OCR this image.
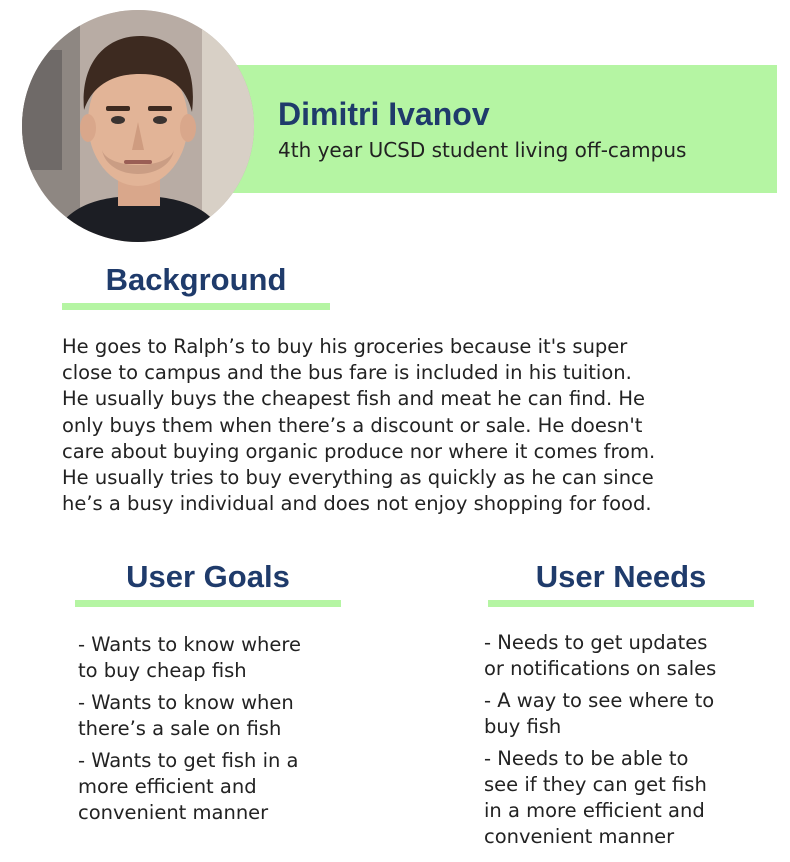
Dimitri Ivanov

4th year UCSD student living off-campus

Background
He goes to Ralph’s to buy his groceries because it's super
close to campus and the bus fare is included in his tuition.
He usually buys the cheapest fish and meat he can find. He
only buys them when there’s a discount or sale. He doesn't
care about buying organic produce nor where it comes from.
He usually tries to buy everything as quickly as he can since
he’s a busy individual and does not enjoy shopping for food.
User Goals
- Wants to know where
to buy cheap fish
- Wants to know when
there’s a sale on fish
- Wants to get fish in a
more efficient and
convenient manner
User Needs
- Needs to get updates
or notifications on sales
- A way to see where to
buy fish
- Needs to be able to
see if they can get fish
in a more efficient and
convenient manner
